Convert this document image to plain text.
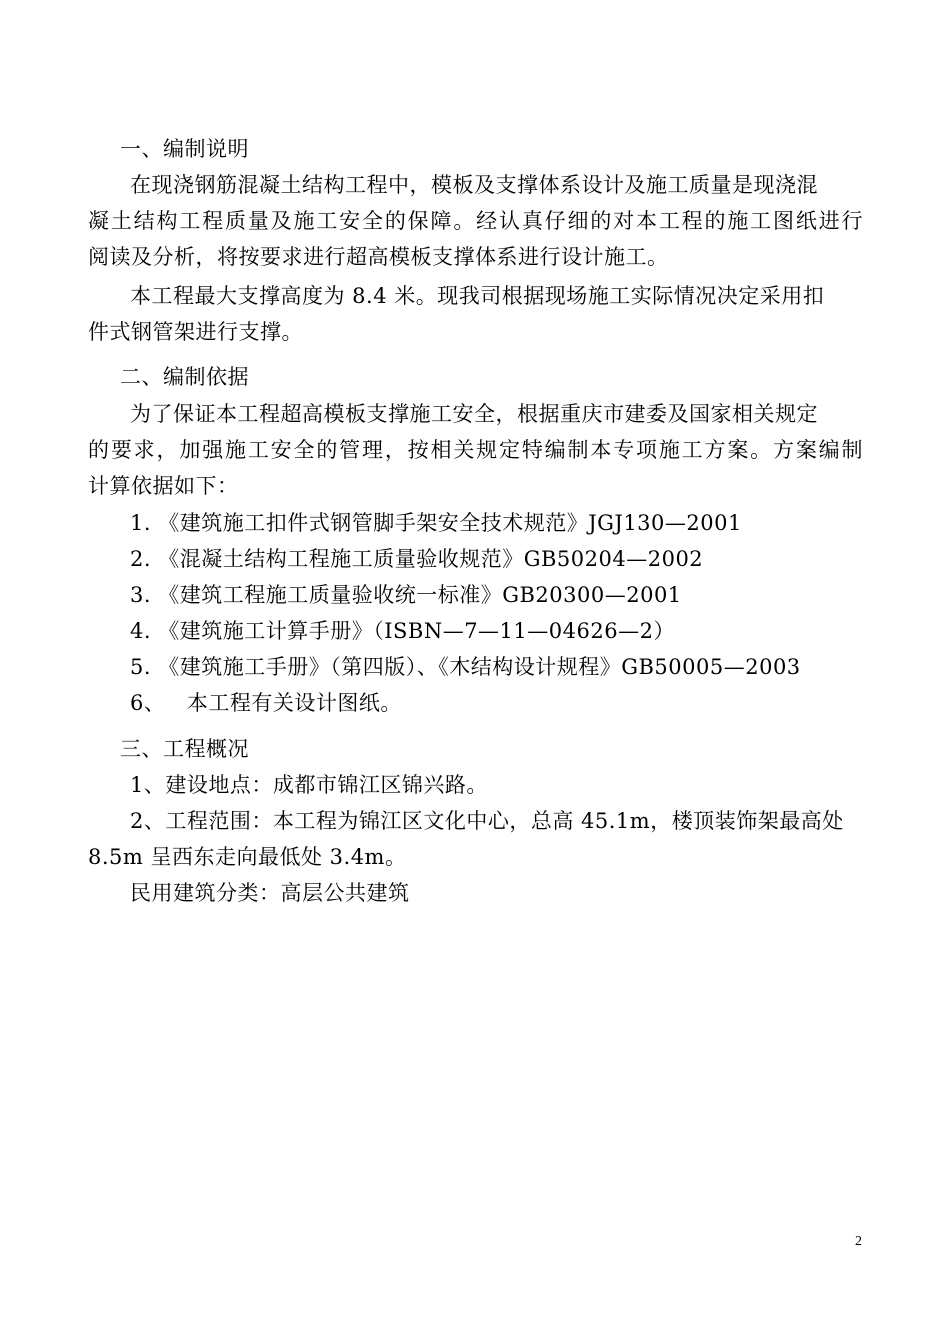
一、编制说明
在现浇钢筋混凝土结构工程中，模板及支撑体系设计及施工质量是现浇混
凝土结构工程质量及施工安全的保障。经认真仔细的对本工程的施工图纸进行
阅读及分析，将按要求进行超高模板支撑体系进行设计施工。
本工程最大支撑高度为 8.4 米。现我司根据现场施工实际情况决定采用扣
件式钢管架进行支撑。
二、编制依据
为了保证本工程超高模板支撑施工安全，根据重庆市建委及国家相关规定
的要求，加强施工安全的管理，按相关规定特编制本专项施工方案。方案编制
计算依据如下：
1. 《建筑施工扣件式钢管脚手架安全技术规范》JGJ130—2001
2. 《混凝土结构工程施工质量验收规范》GB50204—2002
3. 《建筑工程施工质量验收统一标准》GB20300—2001
4. 《建筑施工计算手册》（ISBN—7—11—04626—2）
5. 《建筑施工手册》（第四版）、《木结构设计规程》GB50005—2003
6、   本工程有关设计图纸。
三、工程概况
1、建设地点：成都市锦江区锦兴路。
2、工程范围：本工程为锦江区文化中心，总高 45.1m，楼顶装饰架最高处
8.5m 呈西东走向最低处 3.4m。
民用建筑分类：高层公共建筑
2
